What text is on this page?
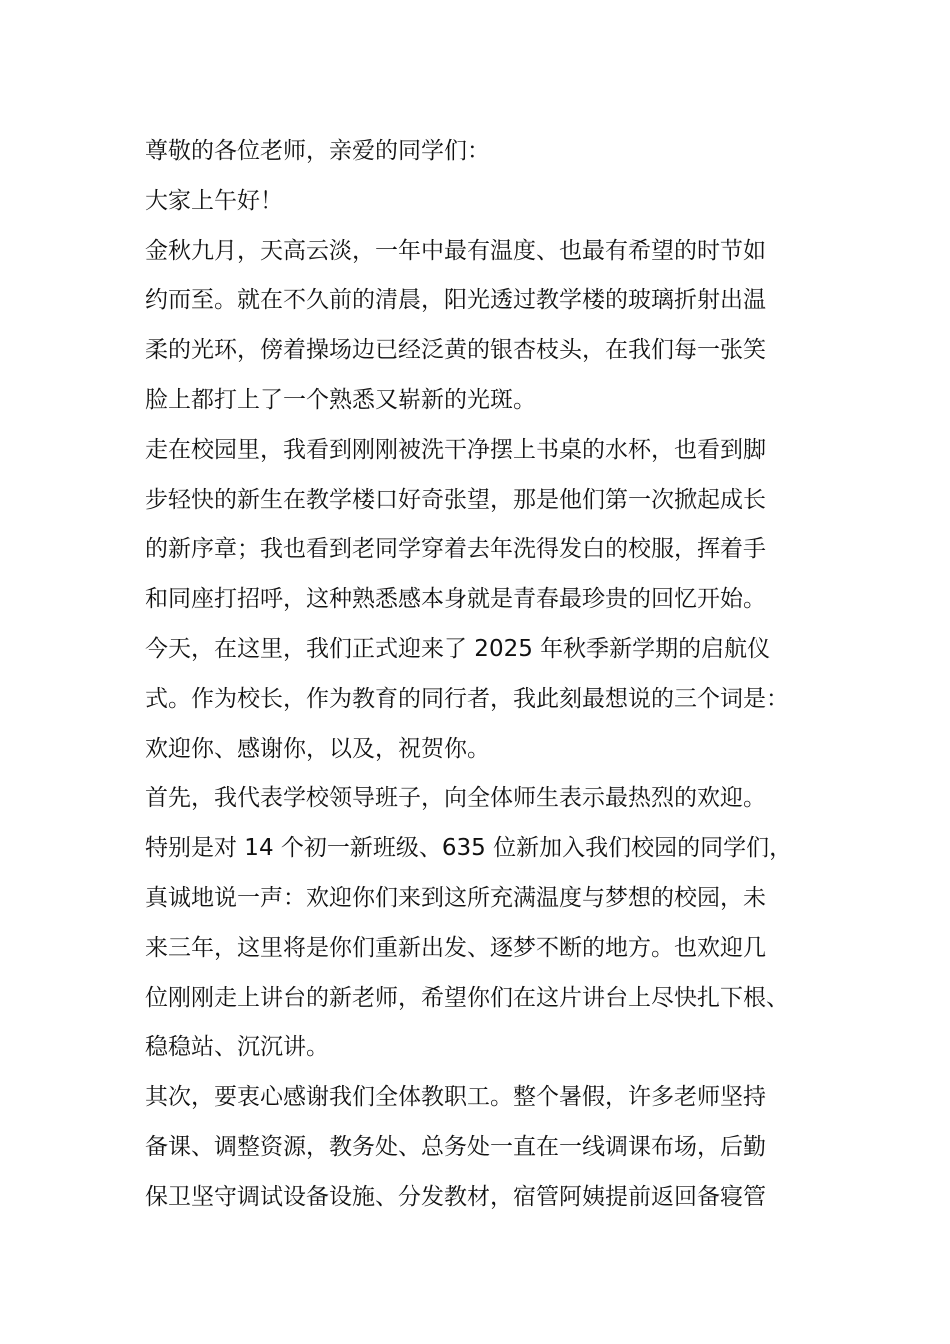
尊敬的各位老师，亲爱的同学们：
大家上午好！
金秋九月，天高云淡，一年中最有温度、也最有希望的时节如
约而至。就在不久前的清晨，阳光透过教学楼的玻璃折射出温
柔的光环，傍着操场边已经泛黄的银杏枝头，在我们每一张笑
脸上都打上了一个熟悉又崭新的光斑。
走在校园里，我看到刚刚被洗干净摆上书桌的水杯，也看到脚
步轻快的新生在教学楼口好奇张望，那是他们第一次掀起成长
的新序章；我也看到老同学穿着去年洗得发白的校服，挥着手
和同座打招呼，这种熟悉感本身就是青春最珍贵的回忆开始。
今天，在这里，我们正式迎来了 2025 年秋季新学期的启航仪
式。作为校长，作为教育的同行者，我此刻最想说的三个词是：
欢迎你、感谢你，以及，祝贺你。
首先，我代表学校领导班子，向全体师生表示最热烈的欢迎。
特别是对 14 个初一新班级、635 位新加入我们校园的同学们，
真诚地说一声：欢迎你们来到这所充满温度与梦想的校园，未
来三年，这里将是你们重新出发、逐梦不断的地方。也欢迎几
位刚刚走上讲台的新老师，希望你们在这片讲台上尽快扎下根、
稳稳站、沉沉讲。
其次，要衷心感谢我们全体教职工。整个暑假，许多老师坚持
备课、调整资源，教务处、总务处一直在一线调课布场，后勤
保卫坚守调试设备设施、分发教材，宿管阿姨提前返回备寝管
